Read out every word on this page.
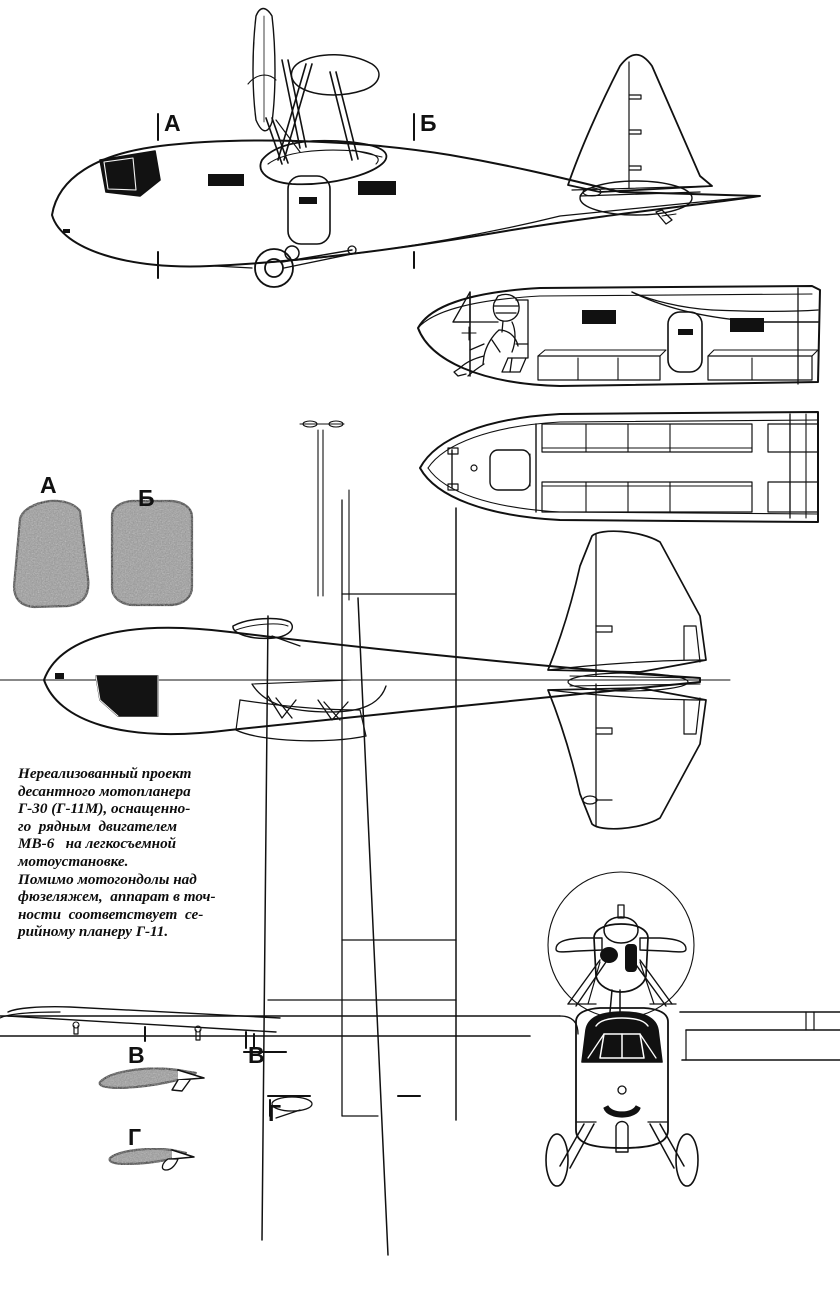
А	Б
А	Б
В	В
Г
Г
Нереализованный проект
десантного мотопланера
Г-30 (Г-11М), оснащенно-
го  рядным  двигателем
МВ-6   на легкосъемной
мотоустановке.
Помимо мотогондолы над
фюзеляжем,  аппарат в точ-
ности  соответствует  се-
рийному планеру Г-11.
